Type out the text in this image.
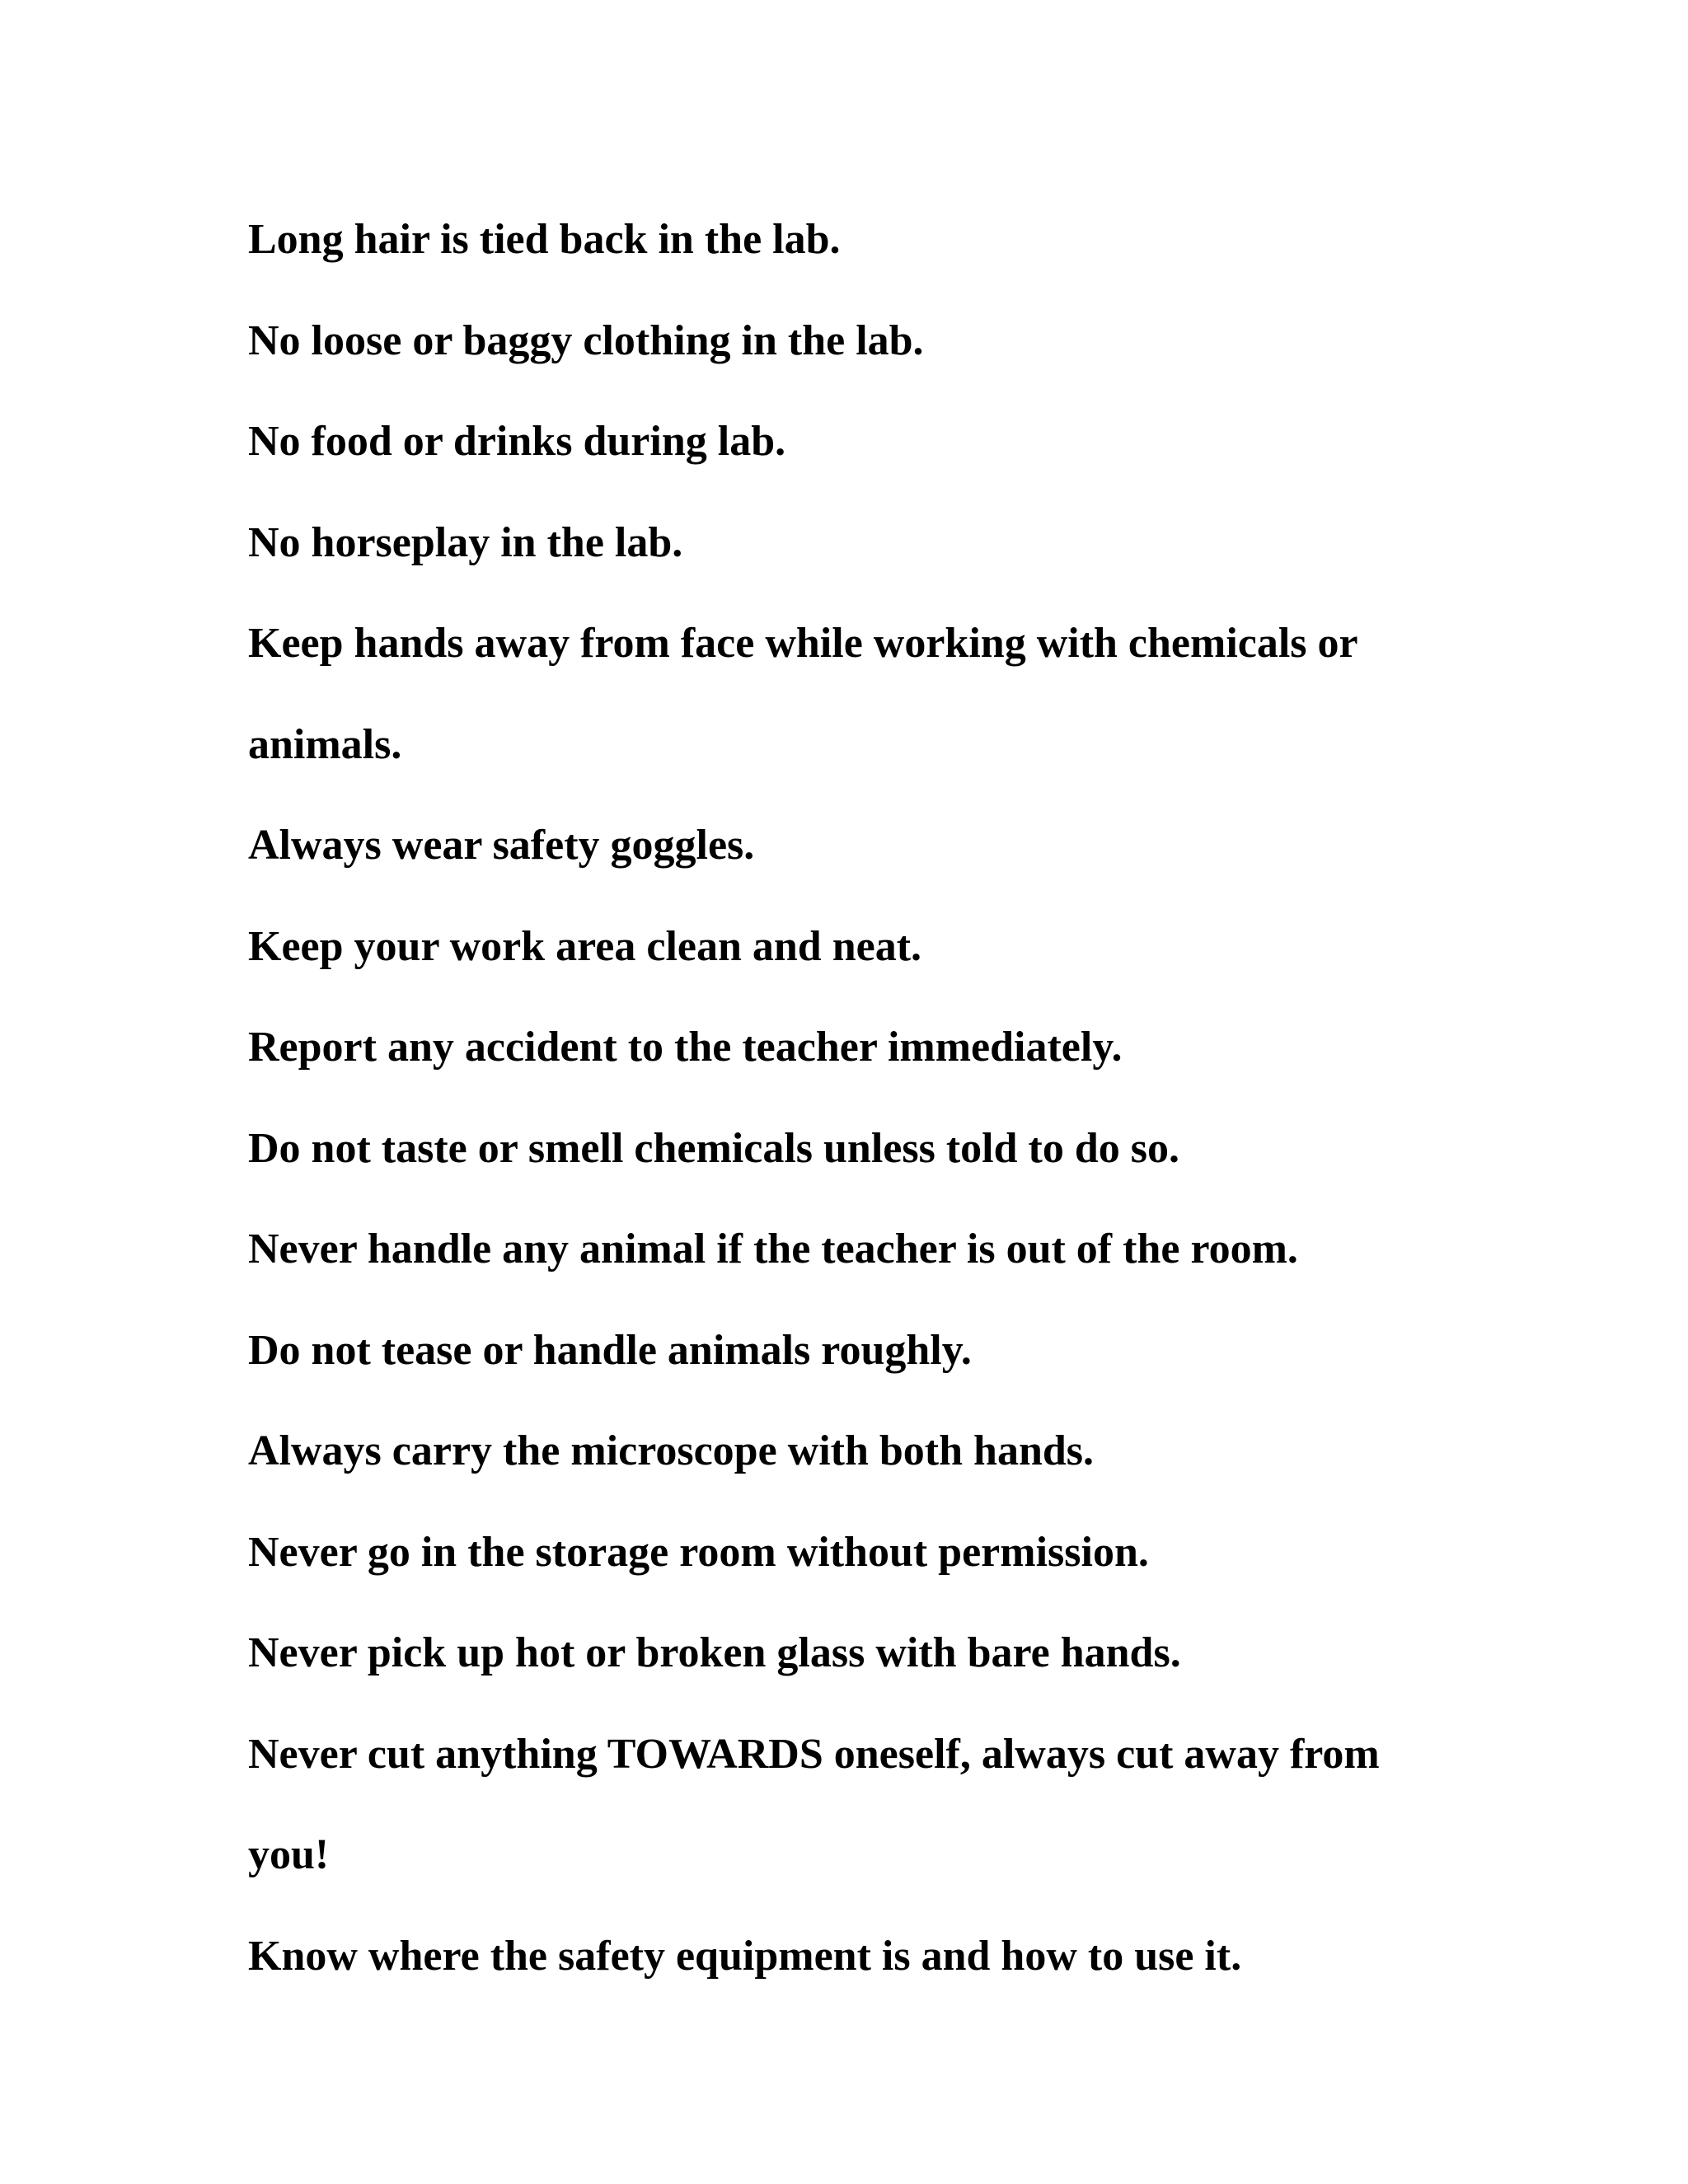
Long hair is tied back in the lab.
No loose or baggy clothing in the lab.
No food or drinks during lab.
No horseplay in the lab.
Keep hands away from face while working with chemicals or
animals.
Always wear safety goggles.
Keep your work area clean and neat.
Report any accident to the teacher immediately.
Do not taste or smell chemicals unless told to do so.
Never handle any animal if the teacher is out of the room.
Do not tease or handle animals roughly.
Always carry the microscope with both hands.
Never go in the storage room without permission.
Never pick up hot or broken glass with bare hands.
Never cut anything TOWARDS oneself, always cut away from
you!
Know where the safety equipment is and how to use it.
